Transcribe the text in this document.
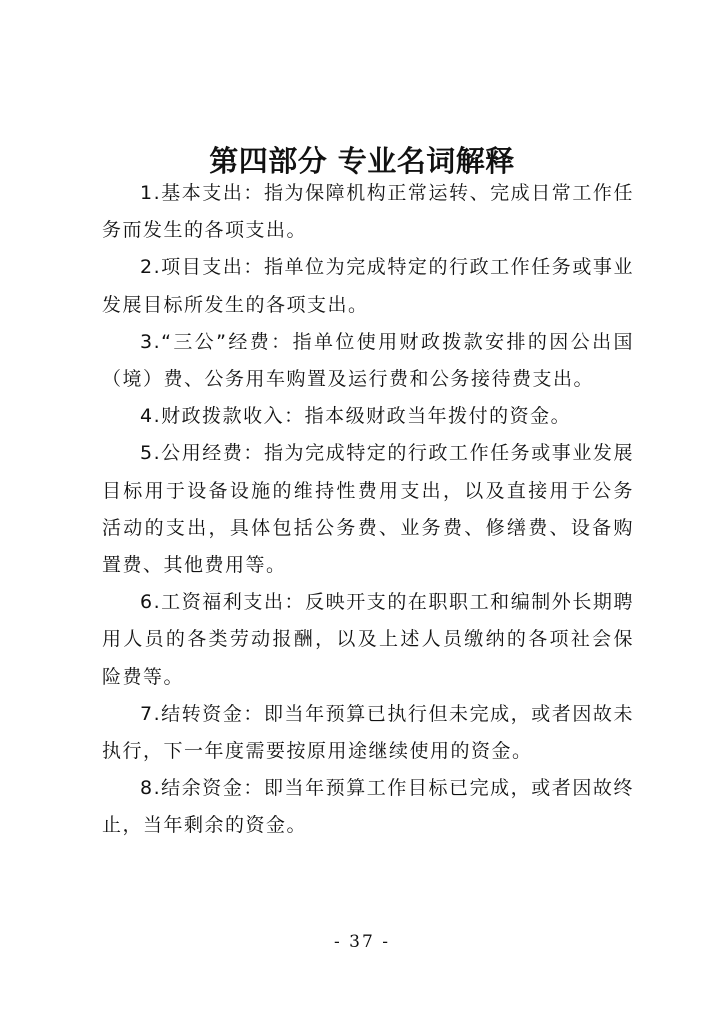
第四部分 专业名词解释

1.基本支出：指为保障机构正常运转、完成日常工作任务而发生的各项支出。

2.项目支出：指单位为完成特定的行政工作任务或事业发展目标所发生的各项支出。

3.“三公”经费：指单位使用财政拨款安排的因公出国（境）费、公务用车购置及运行费和公务接待费支出。

4.财政拨款收入：指本级财政当年拨付的资金。

5.公用经费：指为完成特定的行政工作任务或事业发展目标用于设备设施的维持性费用支出，以及直接用于公务活动的支出，具体包括公务费、业务费、修缮费、设备购置费、其他费用等。

6.工资福利支出：反映开支的在职职工和编制外长期聘用人员的各类劳动报酬，以及上述人员缴纳的各项社会保险费等。

7.结转资金：即当年预算已执行但未完成，或者因故未执行，下一年度需要按原用途继续使用的资金。

8.结余资金：即当年预算工作目标已完成，或者因故终止，当年剩余的资金。

- 37 -
